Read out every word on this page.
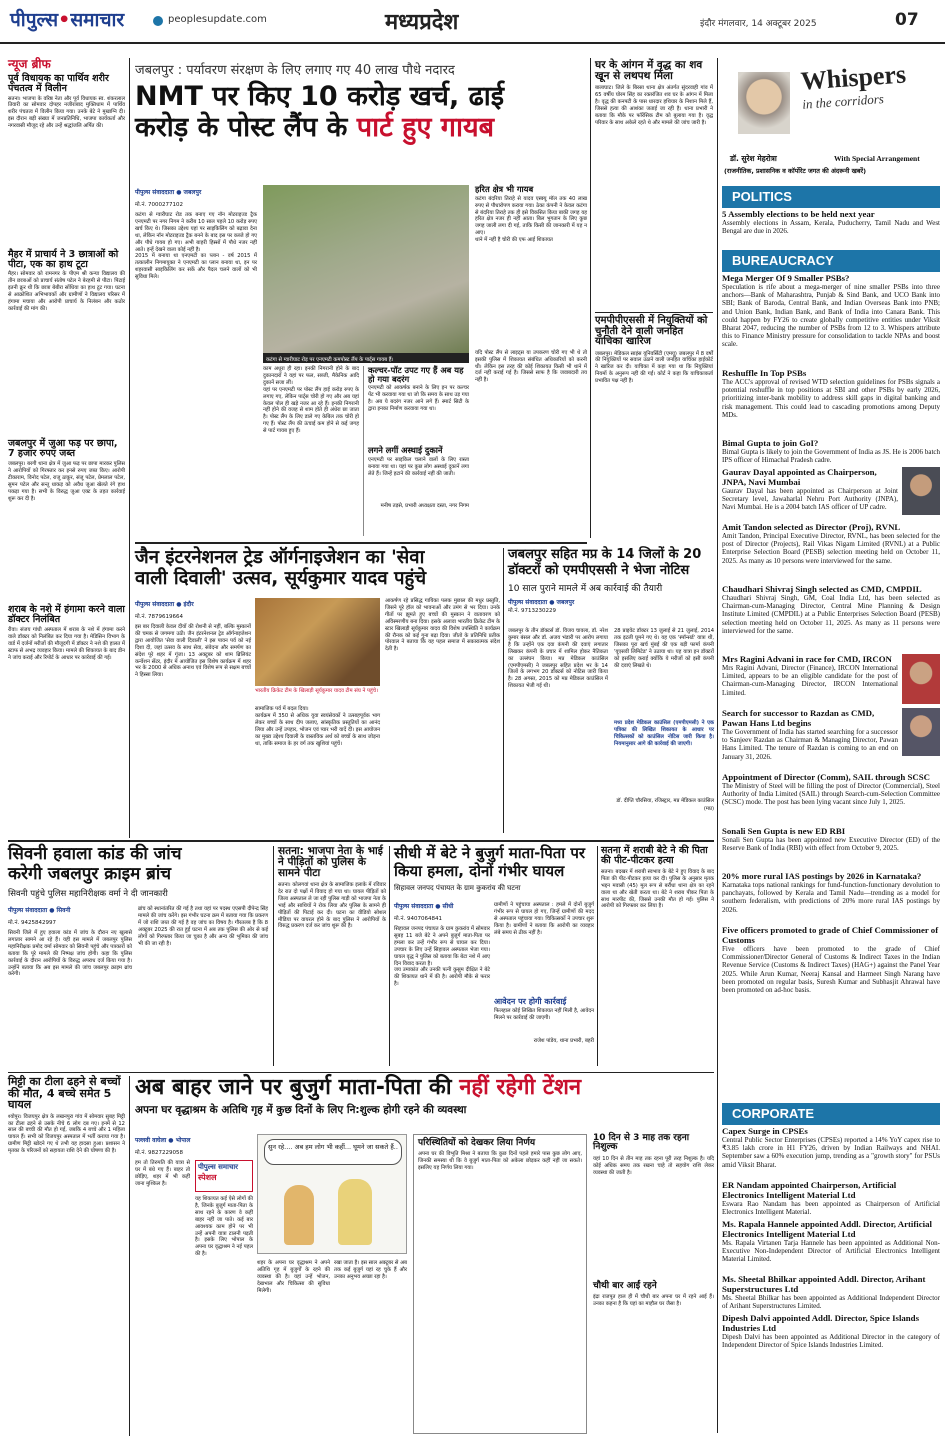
पीपुल्स•समाचार	peoplesupdate.com	मध्यप्रदेश	इंदौर मंगलवार, 14 अक्टूबर 2025	07
न्यूज ब्रीफ
पूर्व विधायक का पार्थिव शरीर पंचतत्व में विलीन
सतना। भाजपा के वरिष्ठ नेता और पूर्व विधायक स्व. शंकरलाल तिवारी का सोमवार दोपहर नजीराबाद मुक्तिधाम में पार्थिव शरीर पंचतत्व में विलीन किया गया। उनके बेटे ने मुखाग्नि दी। इस दौरान बड़ी संख्या में जनप्रतिनिधि, भाजपा कार्यकर्ता और नगरवासी मौजूद रहे और उन्हें श्रद्धांजलि अर्पित की।
मैहर में प्राचार्य ने 3 छात्राओं को पीटा, एक का हाथ टूटा
मैहर। सोमवार को रामनगर के पीएम श्री कन्या विद्यालय की तीन छात्राओं को प्राचार्य संतोष पटेल ने बेरहमी से पीटा। पिटाई इतनी क्रूर थी कि छात्रा बेबीरा सोंधिया का हाथ टूट गया। घटना से आक्रोशित अभिभावकों और ग्रामीणों ने विद्यालय परिसर में हंगामा मचाया और आरोपी प्राचार्य के निलंबन और कठोर कार्रवाई की मांग की।
जबलपुर में जुआ फड़ पर छापा, 7 हजार रुपए जब्त
जबलपुर। बरगी थाना क्षेत्र में जुआ फड़ पर छापा मारकर पुलिस ने आरोपियों को गिरफ्तार कर इनसे रुपए जब्त किए। आरोपी टीकाराम, विनोद पटेल, राजू ठाकुर, संजू पटेल, प्रेमलाल पटेल, सुमन पटेल और सन्तू धाकड़ को अवैध जुआ खेलते रंगे हाथ पकड़ा गया है। सभी के विरुद्ध जुआ एक्ट के तहत कार्रवाई शुरू कर दी है।
शराब के नशे में हंगामा करने वाला डॉक्टर निलंबित
रीवा। संजय गांधी अस्पताल में शराब के नशे में हंगामा करने वाले डॉक्टर को निलंबित कर दिया गया है। मेडिसिन विभाग के वार्ड में दर्जनों मरीजों की मौजूदगी में डॉक्टर ने नशे की हालत में स्टाफ से अभद्र व्यवहार किया। मामले की शिकायत के बाद डीन ने जांच कराई और रिपोर्ट के आधार पर कार्रवाई की गई।
जबलपुर : पर्यावरण संरक्षण के लिए लगाए गए 40 लाख पौधे नदारद
NMT पर किए 10 करोड़ खर्च, ढाई
करोड़ के पोस्ट लैंप के पार्ट हुए गायब
पीपुल्स संवाददाता ● जबलपुर
मो.नं. 7000277102
कटंगा से ग्वारीघाट रोड तक बनाए गए नॉन मोटराइज्ड ट्रैक एनएमटी पर नगर निगम ने करीब 10 साल पहले 10 करोड़ रुपए खर्च किए थे। जिसका उद्देश्य यहां पर साइकिलिंग को बढ़ावा देना था, लेकिन नॉन मोटराइज्ड ट्रैक बनने के बाद इस पर कब्जे हो गए और पौधे गायब हो गए। अभी बाहरी हिस्सों में पौधे नजर नहीं आते। इन्हें देखने वाला कोई नहीं है।
2015 में बनाया था एनएमटी का प्लान - वर्ष 2015 में तत्कालीन निगमायुक्त ने एनएमटी का प्लान बनाया था, इन पर शहरवासी साइकिलिंग कर सकें और पैदल चलने वालों को भी सुविधा मिले।
कटंगा से ग्वारीघाट रोड़ पर एनएमटी कमपोस्ट लैंप के पार्ट्स गायब हैं।
काम अधूरा ही रहा। इनकी निगरानी होने के बाद दुकानदारों ने यहां पर फल, सब्जी, मैकेनिक आदि दुकानें सजा लीं।
यहां पर एनएमटी पर पोस्ट लैंप हाई करोड़ रुपए के लगाए गए, लेकिन पार्ट्स चोरी हो गए और अब यहां केवल पोल ही खड़े नजर आ रहे हैं। इनकी निगरानी नहीं होने की वजह से शाम होते ही अंधेरा छा जाता है। पोस्ट लैंप के लिए डाले गए केबिल तक चोरी हो गए हैं। पोस्ट लैंप की ऊंचाई कम होने से कई जगह से पार्ट गायब हुए हैं।
कल्चर-पॉट उपट गए हैं अब यह हो गया बदरंग
एनएमटी को आकर्षक बनाने के लिए इन पर कल्चर पेंट भी करवाया गया था जो कि समय के साथ उड़ गया है। अब ये बदरंग नजर आने लगे हैं। स्मार्ट सिटी के द्वारा इनका निर्माण करवाया गया था।
लगने लगीं अस्थाई दुकानें
एनएमटी पर साइकिल चलाने वालों के लिए रास्ता बनाया गया था। यहां पर कुछ लोग अस्थाई दुकानें लगा लेते हैं। जिन्हें हटाने की कार्रवाई नहीं की जाती।
मनीष तड़से, प्रभारी अध्यक्षता दस्ता, नगर निगम
हरित क्षेत्र भी गायब
कटंगा बंदरिया तिराहे से यादव एस्क्यू मॉल तक 40 लाख रुपए से पौधारोपण कराया गया। ठेका कंपनी ने केवल कटंगा से बंदरिया तिराहे तक ही इसे विकसित किया बाकी जगह यह हरित क्षेत्र नजर ही नहीं आता। बिल भुगतान के लिए कुछ जगह जाली लगा दी गई, ताकि किसी की जानकारी में यह न आए।
थाने में नहीं है चोरी की एफ आई शिकायत
यदि पोस्ट लैंप से लाइट्स या उपकरण चोरी गए भी थे तो इसकी पुलिस में शिकायत संबंधित अधिकारियों को करनी थी। लेकिन इस तरह की कोई शिकायत किसी भी थाने में दर्ज नहीं कराई गई है। जिससे साफ है कि जवाबदारी तय नहीं है।
घर के आंगन में वृद्ध का शव खून से लथपथ मिला
बालाघाट। जिले के बिरसा थाना क्षेत्र अंतर्गत सुंदरवाही गांव में 65 वर्षीय घोरम सिंह का रक्तरंजित शव घर के आंगन में मिला है। वृद्ध की कनपटी के पास धारदार हथियार के निशान मिले हैं, जिससे हत्या की आशंका जताई जा रही है। थाना प्रभारी ने बताया कि मौके पर फॉरेंसिक टीम को बुलाया गया है। वृद्ध परिवार के साथ अकेले रहते थे और मामले की जांच जारी है।
एमपीपीएससी में नियुक्तियों को चुनौती देने वाली जनहित याचिका खारिज
जबलपुर। मेडिकल साइंस यूनिवर्सिटी (एमयू) जबलपुर में 8 वर्षों की नियुक्तियों पर सवाल उठाने वाली जनहित याचिका हाईकोर्ट ने खारिज कर दी। याचिका में कहा गया था कि नियुक्तियां नियमों के अनुरूप नहीं की गईं। कोर्ट ने कहा कि याचिकाकर्ता प्रभावित पक्ष नहीं है।
Whispers
in the corridors
डॉ. सुरेश मेहरोत्रा	With Special Arrangement
(राजनीतिक, प्रशासनिक व कॉर्पोरेट जगत की अंदरूनी खबरें)
POLITICS
5 Assembly elections to be held next year
Assembly elections in Assam, Kerala, Puducherry, Tamil Nadu and West Bengal are due in 2026.
BUREAUCRACY
Mega Merger Of 9 Smaller PSBs?
Speculation is rife about a mega-merger of nine smaller PSBs into three anchors—Bank of Maharashtra, Punjab & Sind Bank, and UCO Bank into SBI; Bank of Baroda, Central Bank, and Indian Overseas Bank into PNB; and Union Bank, Indian Bank, and Bank of India into Canara Bank. This could happen by FY26 to create globally competitive entities under Viksit Bharat 2047, reducing the number of PSBs from 12 to 3. Whispers attribute this to Finance Ministry pressure for consolidation to tackle NPAs and boost scale.
Reshuffle In Top PSBs
The ACC's approval of revised WTD selection guidelines for PSBs signals a potential reshuffle in top positions at SBI and other PSBs by early 2026, prioritizing inter-bank mobility to address skill gaps in digital banking and risk management. This could lead to cascading promotions among Deputy MDs.
Bimal Gupta to join GoI?
Bimal Gupta is likely to join the Government of India as JS. He is 2006 batch IPS officer of Himachal Pradesh cadre.
Gaurav Dayal appointed as Chairperson, JNPA, Navi Mumbai
Gaurav Dayal has been appointed as Chairperson at Joint Secretary level, Jawaharlal Nehru Port Authority (JNPA), Navi Mumbai. He is a 2004 batch IAS officer of UP cadre.
Amit Tandon selected as Director (Proj), RVNL
Amit Tandon, Principal Executive Director, RVNL, has been selected for the post of Director (Projects), Rail Vikas Nigam Limited (RVNL) at a Public Enterprise Selection Board (PESB) selection meeting held on October 11, 2025. As many as 10 persons were interviewed for the same.
Chaudhari Shivraj Singh selected as CMD, CMPDIL
Chaudhari Shivraj Singh, GM, Coal India Ltd, has been selected as Chairman-cum-Managing Director, Central Mine Planning & Design Institute Limited (CMPDIL) at a Public Enterprises Selection Board (PESB) selection meeting held on October 11, 2025. As many as 11 persons were interviewed for the same.
Mrs Ragini Advani in race for CMD, IRCON
Mrs Ragini Advani, Director (Finance), IRCON International Limited, appears to be an eligible candidate for the post of Chairman-cum-Managing Director, IRCON International Limited.
Search for successor to Razdan as CMD, Pawan Hans Ltd begins
The Government of India has started searching for a successor to Sanjeev Razdan as Chairman & Managing Director, Pawan Hans Limited. The tenure of Razdan is coming to an end on January 31, 2026.
Appointment of Director (Comm), SAIL through SCSC
The Ministry of Steel will be filling the post of Director (Commercial), Steel Authority of India Limited (SAIL) through Search-cum-Selection Committee (SCSC) mode. The post has been lying vacant since July 1, 2025.
Sonali Sen Gupta is new ED RBI
Sonali Sen Gupta has been appointed new Executive Director (ED) of the Reserve Bank of India (RBI) with effect from October 9, 2025.
20% more rural IAS postings by 2026 in Karnataka?
Karnataka tops national rankings for fund-function-functionary devolution to panchayats, followed by Kerala and Tamil Nadu—trending as a model for southern federalism, with predictions of 20% more rural IAS postings by 2026.
Five officers promoted to grade of Chief Commissioner of Customs
Five officers have been promoted to the grade of Chief Commissioner/Director General of Customs & Indirect Taxes in the Indian Revenue Service (Customs & Indirect Taxes) (HAG+) against the Panel Year 2025. While Arun Kumar, Neeraj Kansal and Harmeet Singh Narang have been promoted on regular basis, Suresh Kumar and Subhasjit Ahrawal have been promoted on ad-hoc basis.
CORPORATE
Capex Surge in CPSEs
Central Public Sector Enterprises (CPSEs) reported a 14% YoY capex rise to ₹3.85 lakh crore in H1 FY26, driven by Indian Railways and NHAI. September saw a 60% execution jump, trending as a "growth story" for PSUs amid Viksit Bharat.
ER Nandam appointed Chairperson, Artificial Electronics Intelligent Material Ltd
Eswara Rao Nandam has been appointed as Chairperson of Artificial Electronics Intelligent Material.
Ms. Rapala Hannele appointed Addl. Director, Artificial Electronics Intelligent Material Ltd
Ms. Rapala Virtanen Tarja Hannele has been appointed as Additional Non-Executive Non-Independent Director of Artificial Electronics Intelligent Material Limited.
Ms. Sheetal Bhilkar appointed Addl. Director, Arihant Superstructures Ltd
Ms. Sheetal Bhilkar has been appointed as Additional Independent Director of Arihant Superstructures Limited.
Dipesh Dalvi appointed Addl. Director, Spice Islands Industries Ltd
Dipesh Dalvi has been appointed as Additional Director in the category of Independent Director of Spice Islands Industries Limited.
जैन इंटरनेशनल ट्रेड ऑर्गनाइजेशन का 'सेवा
वाली दिवाली' उत्सव, सूर्यकुमार यादव पहुंचे
पीपुल्स संवाददाता ● इंदौर
मो.नं. 7879619664
इस बार दिवाली केवल दीयों की रोशनी से नहीं, बल्कि मुस्कानों की चमक से जगमगा उठी। जैन इंटरनेशनल ट्रेड ऑर्गनाइजेशन द्वारा आयोजित 'सेवा वाली दिवाली' ने इस पावन पर्व को नई दिशा दी, जहां उत्सव के साथ सेवा, संवेदना और समर्पण का संदेश पूरे शहर में गूंजा। 13 अक्टूबर को शाम ब्रिलियंट कन्वेंशन सेंटर, इंदौर में आयोजित इस विशेष कार्यक्रम में शहर भर के 2000 से अधिक अनाथ एवं विशेष रूप से सक्षम बच्चों ने हिस्सा लिया।
भारतीय क्रिकेट टीम के खिलाड़ी सूर्यकुमार यादव टीम संघ ने पहुंचे।
सामाजिक पर्व में बदल दिया।
कार्यक्रम में 350 से अधिक युवा स्वयंसेवकों ने उत्साहपूर्वक भाग लेकर बच्चों के साथ दीप जलाए, सांस्कृतिक प्रस्तुतियों का आनंद लिया और उन्हें उपहार, भोजन एवं प्यार भरी यादें दीं। इस आयोजन का मुख्य उद्देश्य दिवाली के वास्तविक अर्थ को बच्चों के साथ जोड़ना था, ताकि समाज के हर वर्ग तक खुशियां पहुंचें।
आकर्षण रहे प्रसिद्ध गायिका पलक मुछाल की मधुर प्रस्तुति, जिसने पूरे हॉल को भावनाओं और उमंग से भर दिया। उनके गीतों पर झूमते हुए बच्चों की मुस्कान ने वातावरण को अविस्मरणीय बना दिया। इसके अलावा भारतीय क्रिकेट टीम के स्टार खिलाड़ी सूर्यकुमार यादव की विशेष उपस्थिति ने कार्यक्रम की रौनक को कई गुना बढ़ा दिया। जीतो के प्रतिनिधि प्रतीक पोरवाल ने बताया कि यह पहल समाज में सकारात्मक संदेश देती है।
जबलपुर सहित मप्र के 14 जिलों के 20
डॉक्टरों को एमपीएससी ने भेजा नोटिस
10 साल पुराने मामले में अब कार्रवाई की तैयारी
पीपुल्स संवाददाता ● जबलपुर
मो.नं. 9713230229
जबलपुर के तीन डॉक्टर्स डॉ. विजय चावला, डॉ. नरेश कुमार बंसल और डॉ. अजय भंडारी पर आरोप लगाया है कि उन्होंने एक दवा कंपनी की दवाएं लगातार लिखकर कंपनी के प्रचार में शामिल होकर नैतिकता का उल्लंघन किया। मप्र मेडिकल काउंसिल (एमपीएमसी) ने जबलपुर सहित प्रदेश भर के 14 जिलों के लगभग 20 डॉक्टर्स को नोटिस जारी किया है। 28 अगस्त, 2015 को मप्र मेडिकल काउंसिल में शिकायत भेजी गई थी।
28 प्राइवेट डॉक्टर 13 जुलाई से 21 जुलाई, 2014 तक इटली घूमने गए थे। यह एक 'स्पॉन्सर्ड' यात्रा थी, जिसका पूरा खर्च मुंबई की एक बड़ी फार्मा कंपनी 'यूएसवी लिमिटेड' ने उठाया था। यह यात्रा इन डॉक्टरों को इसलिए कराई क्योंकि ये मरीजों को इसी कंपनी की दवाएं लिखते थे।
मध्य प्रदेश मेडिकल काउंसिल (एमपीएमसी) ने एक पत्रिका की लिखित शिकायत के आधार पर चिकित्सकों को काउंसिल नोटिस जारी किया है। नियमानुसार आगे की कार्रवाई की जाएगी।
डॉ. दीप्ति चौरसिया, रजिस्ट्रार, मप्र मेडिकल काउंसिल (मप्र)
सिवनी हवाला कांड की जांच
करेगी जबलपुर क्राइम ब्रांच
सिवनी पहुंचे पुलिस महानिरीक्षक वर्मा ने दी जानकारी
पीपुल्स संवाददाता ● सिवनी
मो.नं. 9425842997
सिवनी जिले में हुए हवाला कांड में जांच के दौरान नए खुलासे लगातार सामने आ रहे हैं। यही इस मामले में जबलपुर पुलिस महानिरीक्षक प्रमोद वर्मा सोमवार को सिवनी पहुंचे और पत्रकारों को बताया कि पूरे मामले की निष्पक्ष जांच होगी। कहा कि पुलिस कार्रवाई के दौरान आरोपियों के विरुद्ध अपराध दर्ज किया गया है। उन्होंने बताया कि अब इस मामले की जांच जबलपुर क्राइम ब्रांच करेगी।
ब्रांच को स्थानांतरित की गई है तथा यहां पर पदस्थ एएसपी दीपेन्द्र सिंह मामले की जांच करेंगे। इस गंभीर घटना क्रम में बताया गया कि प्रकरण में जो राशि जब्त की गई है वह जांच का विषय है। गौरतलब है कि 8 अक्टूबर 2025 की रात हुई घटना में अब तक पुलिस की ओर से कई लोगों को गिरफ्तार किया जा चुका है और अन्य की भूमिका की जांच भी की जा रही है।
सतना: भाजपा नेता के भाई ने पीड़ितों को पुलिस के सामने पीटा
सतना। कोलगवां थाना क्षेत्र के सामाजिक इलाके में रविवार देर रात दो पक्षों में विवाद हो गया था। घायल पीड़ितों को जिला अस्पताल ले जा रही पुलिस गाड़ी को भाजपा नेता के भाई और साथियों ने रोक लिया और पुलिस के सामने ही पीड़ितों की पिटाई कर दी। घटना का वीडियो सोशल मीडिया पर वायरल होने के बाद पुलिस ने आरोपियों के विरुद्ध प्रकरण दर्ज कर जांच शुरू की है।
सीधी में बेटे ने बुजुर्ग माता-पिता पर
किया हमला, दोनों गंभीर घायल
सिहावल जनपद पंचायत के ग्राम कुकरांव की घटना
पीपुल्स संवाददाता ● सीधी
मो.नं. 9407064841
सिहावल जनपद पंचायत के ग्राम कुकरांव में सोमवार सुबह 11 बजे बेटे ने अपने बुजुर्ग माता-पिता पर हमला कर उन्हें गंभीर रूप से घायल कर दिया। उपचार के लिए उन्हें सिहावल अस्पताल भेजा गया। घायल वृद्ध ने पुलिस को बताया कि बेटा नशे में आए दिन विवाद करता है।
जय उमाकांत और उनकी पत्नी कुसुम दीक्षित ने बेटे की शिकायत थाने में की है। आरोपी मौके से फरार है।
ग्रामीणों ने पहुंचाया अस्पताल : हमले में दोनों बुजुर्ग गंभीर रूप से घायल हो गए, जिन्हें ग्रामीणों की मदद से अस्पताल पहुंचाया गया। चिकित्सकों ने उपचार शुरू किया है। ग्रामीणों ने बताया कि आरोपी का व्यवहार लंबे समय से ठीक नहीं है।
आवेदन पर होगी कार्रवाई
फिलहाल कोई लिखित शिकायत नहीं मिली है, आवेदन मिलने पर कार्रवाई की जाएगी।
राजेश पांडेय, थाना प्रभारी, बहरी
सतना में शराबी बेटे ने की पिता की पीट-पीटकर हत्या
सतना। बदखर में शराबी स्वभाव के बेटे ने हुए विवाद के बाद पिता की पीट-पीटकर हत्या कर दी। पुलिस के अनुसार मृतक भद्दन मवासी (45) मूल रूप से बरौंधा थाना क्षेत्र का रहने वाला था और खेती करता था। बेटे ने शराब पीकर पिता के साथ मारपीट की, जिससे उनकी मौत हो गई। पुलिस ने आरोपी को गिरफ्तार कर लिया है।
मिट्टी का टीला ढहने से बच्चों की मौत, 4 बच्चे समेत 5 घायल
श्योपुर। विजयपुर क्षेत्र के लखनपुरा गांव में सोमवार सुबह मिट्टी का टीला ढहने से उसके नीचे 6 लोग दब गए। इनमें से 12 साल की बच्ची की मौत हो गई, जबकि 4 बच्चे और 1 महिला घायल हैं। सभी को विजयपुर अस्पताल में भर्ती कराया गया है। ग्रामीण मिट्टी खोदने गए थे तभी यह हादसा हुआ। प्रशासन ने मृतका के परिजनों को सहायता राशि देने की घोषणा की है।
अब बाहर जाने पर बुजुर्ग माता-पिता की नहीं रहेगी टेंशन
अपना घर वृद्धाश्रम के अतिथि गृह में कुछ दिनों के लिए नि:शुल्क होगी रहने की व्यवस्था
पल्लवी वाघेला ● भोपाल
मो.नं. 9827229058
सुन रहे.... अब हम लोग भी कहीं... घूमने जा सकते हैं..
हम तो तिरुपति की यात्रा से घर में बंधे गए हैं। बाहर तो छोड़िए, शहर में भी कहीं जाना मुश्किल है।
पीपुल्स समाचार
स्पेशल
यह शिकायत कई ऐसे लोगों की है, जिनके बुजुर्ग माता-पिता के साथ रहने के कारण वे कहीं बाहर नहीं जा पाते। कई बार आवश्यक काम होने पर भी उन्हें अपनी यात्रा टालनी पड़ती है। इसके लिए भोपाल के अपना घर वृद्धाश्रम ने नई पहल की है।
शहर के अपना घर वृद्धाश्रम ने अपने अतिथि गृह में बुजुर्गों के रहने की व्यवस्था की है। यहां उन्हें भोजन, देखभाल और चिकित्सा की सुविधा मिलेगी।
रखा जाता है। इस साल अक्टूबर से अब तक कई बुजुर्ग यहां रह चुके हैं और उनका अनुभव अच्छा रहा है।
परिस्थितियों को देखकर लिया निर्णय
अपना घर की विभूति मिश्रा ने बताया कि कुछ दिनों पहले हमारे पास कुछ लोग आए, जिनकी समस्या थी कि वे बुजुर्ग माता-पिता को अकेला छोड़कर कहीं नहीं जा सकते। इसलिए यह निर्णय लिया गया।
10 दिन से 3 माह तक रहना निशुल्क
यहां 10 दिन से तीन माह तक रहना पूरी तरह निशुल्क है। यदि कोई अधिक समय तक रखना चाहे तो सहयोग राशि लेकर व्यवस्था की जाती है।
चौथी बार आईं रहने
इंद्रा राजपूत हाल ही में चौथी बार अपना घर में रहने आई हैं। उनका कहना है कि यहां का माहौल घर जैसा है।
